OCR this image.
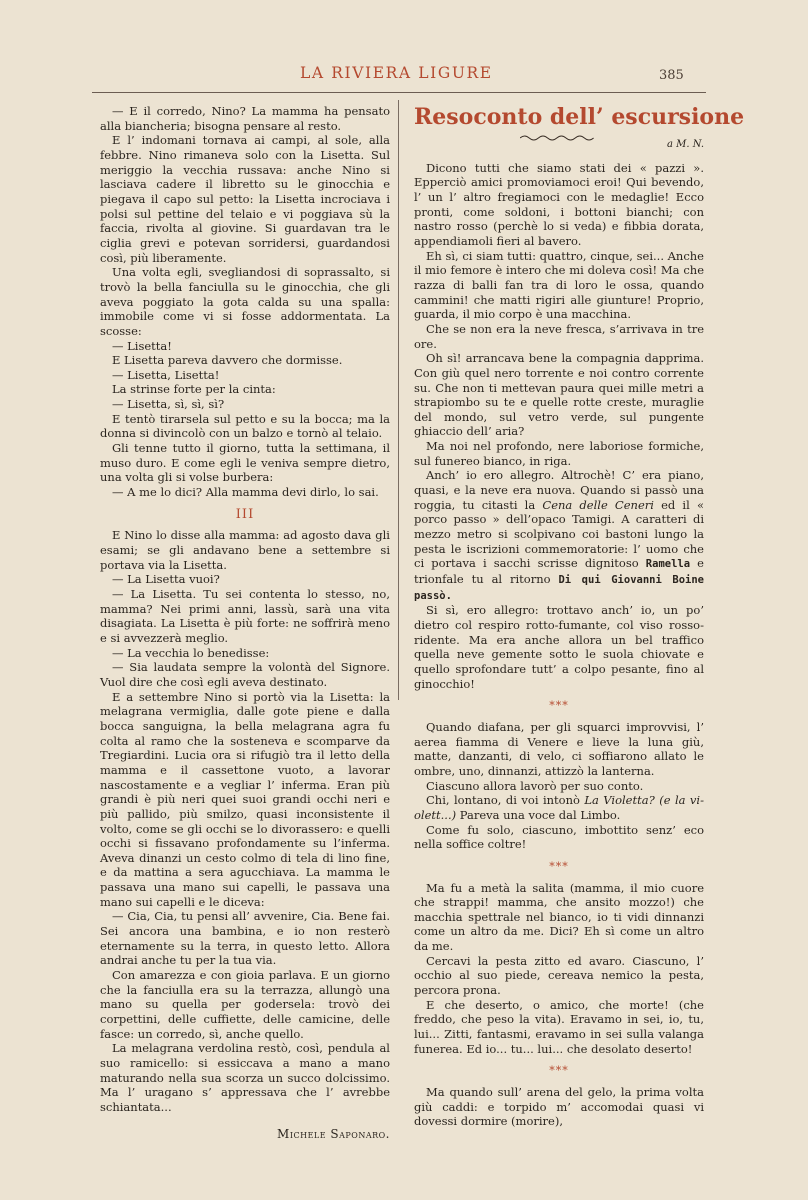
LA RIVIERA LIGURE	385

— E il corredo, Nino? La mamma ha pensato alla biancheria; bisogna pensare al resto.

E l’ indomani tornava ai campi, al sole, alla febbre. Nino rimaneva solo con la Lisetta. Sul meriggio la vecchia russava: anche Nino si lasciava cadere il libretto su le ginocchia e piegava il capo sul petto: la Lisetta incrociava i polsi sul pettine del telaio e vi poggiava sù la faccia, rivolta al giovine. Si guardavan tra le ciglia grevi e potevan sorridersi, guardandosi così, più liberamente.

Una volta egli, svegliandosi di soprassalto, si trovò la bella fanciulla su le ginocchia, che gli aveva poggiato la gota calda su una spalla: immobile come vi si fosse addormentata. La scosse:

— Lisetta!

E Lisetta pareva davvero che dormisse.

— Lisetta, Lisetta!

La strinse forte per la cinta:

— Lisetta, sì, sì, sì?

E tentò tirarsela sul petto e su la bocca; ma la donna si divincolò con un balzo e tornò al telaio.

Gli tenne tutto il giorno, tutta la settimana, il muso duro. E come egli le veniva sempre dietro, una volta gli si volse burbera:

— A me lo dici? Alla mamma devi dirlo, lo sai.

III

E Nino lo disse alla mamma: ad agosto dava gli esami; se gli andavano bene a settembre si portava via la Lisetta.

— La Lisetta vuoi?

— La Lisetta. Tu sei contenta lo stesso, no, mamma? Nei primi anni, lassù, sarà una vita disagiata. La Lisetta è più forte: ne soffrirà meno e si avvezzerà meglio.

— La vecchia lo benedisse:

— Sia laudata sempre la volontà del Signore. Vuol dire che così egli aveva destinato.

E a settembre Nino si portò via la Lisetta: la melagrana vermiglia, dalle gote piene e dalla bocca sanguigna, la bella melagrana agra fu colta al ramo che la sosteneva e scomparve da Tregiardini. Lucia ora si rifugiò tra il letto della mamma e il cassettone vuoto, a lavorar nascostamente e a vegliar l’ inferma. Eran più grandi è più neri quei suoi grandi occhi neri e più pallido, più smilzo, quasi inconsistente il volto, come se gli occhi se lo divorassero: e quelli occhi si fissavano profondamente su l’inferma. Aveva dinanzi un cesto colmo di tela di lino fine, e da mattina a sera agucchiava. La mamma le passava una mano sui capelli, le passava una mano sui capelli e le diceva:

— Cia, Cia, tu pensi all’ avvenire, Cia. Bene fai. Sei ancora una bambina, e io non resterò eternamente su la terra, in questo letto. Allora andrai anche tu per la tua via.

Con amarezza e con gioia parlava. E un giorno che la fanciulla era su la terrazza, allungò una mano su quella per godersela: trovò dei corpettini, delle cuffiette, delle camicine, delle fasce: un corredo, sì, anche quello.

La melagrana verdolina restò, così, pendula al suo ramicello: si essiccava a mano a mano maturando nella sua scorza un succo dolcissimo. Ma l’ uragano s’ appressava che l’ avrebbe schiantata...

Michele Saponaro.
Resoconto dell’ escursione
a M. N.

Dicono tutti che siamo stati dei « pazzi ». Epperciò amici promoviamoci eroi! Qui bevendo, l’ un l’ altro fregiamoci con le medaglie! Ecco pronti, come soldoni, i bottoni bianchi; con nastro rosso (perchè lo si veda) e fibbia dorata, appendiamoli fieri al bavero.

Eh sì, ci siam tutti: quattro, cinque, sei... Anche il mio femore è intero che mi doleva così! Ma che razza di balli fan tra di loro le ossa, quando cammini! che matti rigiri alle giunture! Proprio, guarda, il mio corpo è una macchina.

Che se non era la neve fresca, s’arrivava in tre ore.

Oh sì! arrancava bene la compagnia dapprima. Con giù quel nero torrente e noi contro corrente su. Che non ti mettevan paura quei mille metri a strapiombo su te e quelle rotte creste, muraglie del mondo, sul vetro verde, sul pungente ghiaccio dell’ aria?

Ma noi nel profondo, nere laboriose formiche, sul funereo bianco, in riga.

Anch’ io ero allegro. Altrochè! C’ era piano, quasi, e la neve era nuova. Quando si passò una roggia, tu citasti la Cena delle Ceneri ed il « porco passo » dell’opaco Tamigi. A caratteri di mezzo metro si scolpivano coi bastoni lungo la pesta le iscrizioni commemoratorie: l’ uomo che ci portava i sacchi scrisse dignitoso Ramella e trionfale tu al ritorno Di qui Giovanni Boine passò.

Si sì, ero allegro: trottavo anch’ io, un po’ dietro col respiro rotto-fumante, col viso rosso-ridente. Ma era anche allora un bel traffico quella neve gemente sotto le suola chiovate e quello sprofondare tutt’ a colpo pesante, fino al ginocchio!

***

Quando diafana, per gli squarci improvvisi, l’ aerea fiamma di Venere e lieve la luna giù, matte, danzanti, di velo, ci soffiarono allato le ombre, uno, dinnanzi, attizzò la lanterna.

Ciascuno allora lavorò per suo conto.

Chi, lontano, di voi intonò La Violetta? (e la vi-olett...) Pareva una voce dal Limbo.

Come fu solo, ciascuno, imbottito senz’ eco nella soffice coltre!

***

Ma fu a metà la salita (mamma, il mio cuore che strappi! mamma, che ansito mozzo!) che macchia spettrale nel bianco, io ti vidi dinnanzi come un altro da me. Dici? Eh sì come un altro da me.

Cercavi la pesta zitto ed avaro. Ciascuno, l’ occhio al suo piede, cereava nemico la pesta, percora prona.

E che deserto, o amico, che morte! (che freddo, che peso la vita). Eravamo in sei, io, tu, lui... Zitti, fantasmi, eravamo in sei sulla valanga funerea. Ed io... tu... lui... che desolato deserto!

***

Ma quando sull’ arena del gelo, la prima volta giù caddi: e torpido m’ accomodai quasi vi dovessi dormire (morire),
